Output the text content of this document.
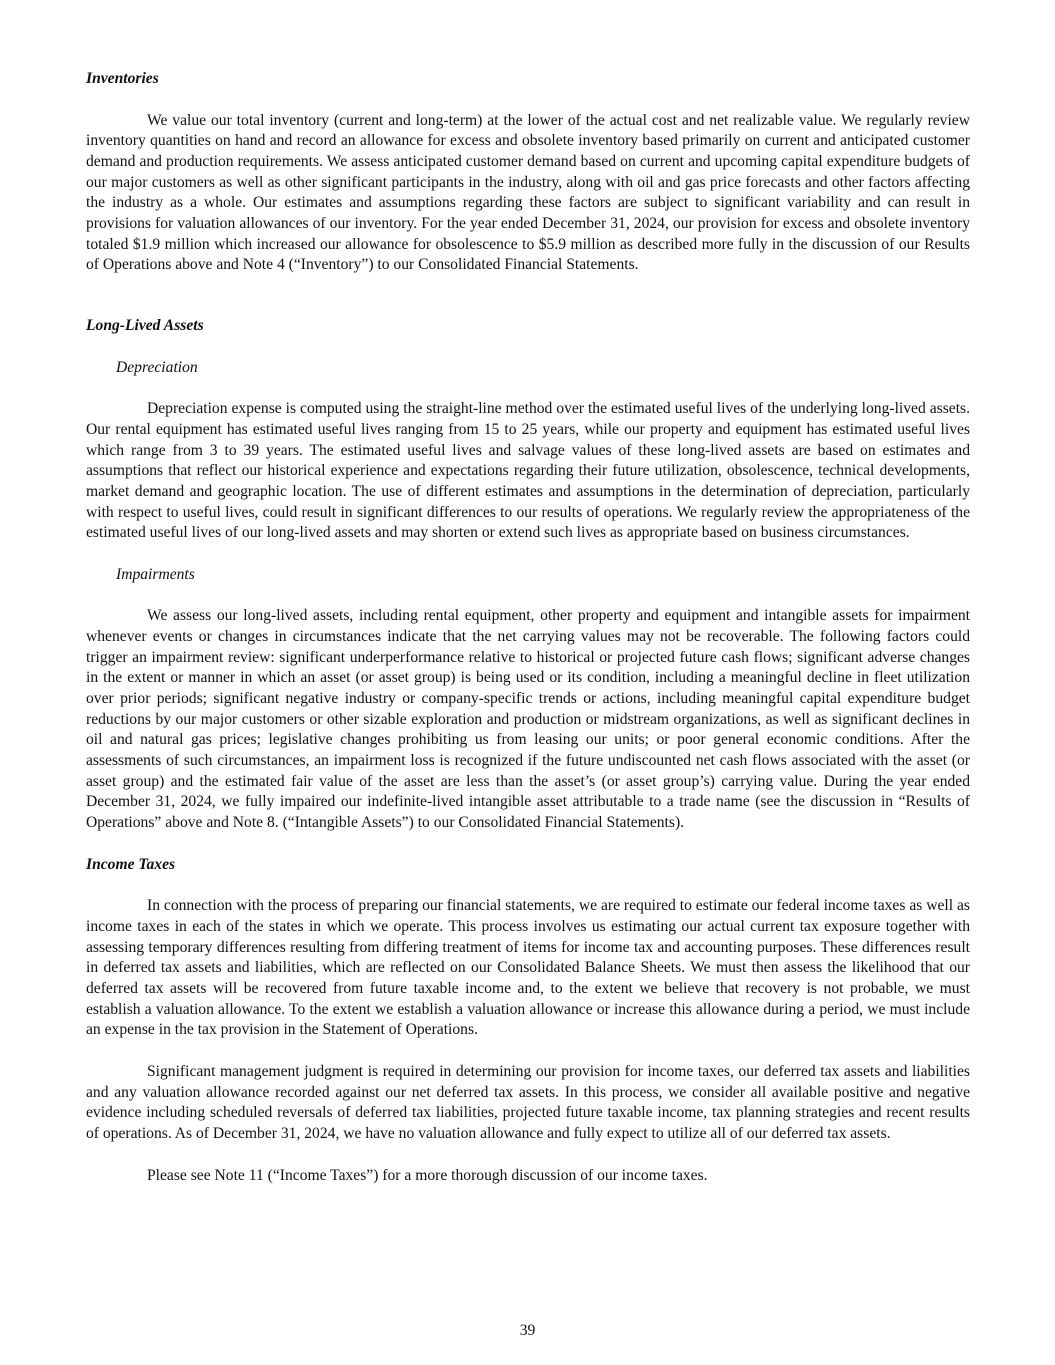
Inventories

We value our total inventory (current and long-term) at the lower of the actual cost and net realizable value. We regularly review inventory quantities on hand and record an allowance for excess and obsolete inventory based primarily on current and anticipated customer demand and production requirements. We assess anticipated customer demand based on current and upcoming capital expenditure budgets of our major customers as well as other significant participants in the industry, along with oil and gas price forecasts and other factors affecting the industry as a whole. Our estimates and assumptions regarding these factors are subject to significant variability and can result in provisions for valuation allowances of our inventory. For the year ended December 31, 2024, our provision for excess and obsolete inventory totaled $1.9 million which increased our allowance for obsolescence to $5.9 million as described more fully in the discussion of our Results of Operations above and Note 4 (“Inventory”) to our Consolidated Financial Statements.

Long-Lived Assets
Depreciation

Depreciation expense is computed using the straight-line method over the estimated useful lives of the underlying long-lived assets. Our rental equipment has estimated useful lives ranging from 15 to 25 years, while our property and equipment has estimated useful lives which range from 3 to 39 years. The estimated useful lives and salvage values of these long-lived assets are based on estimates and assumptions that reflect our historical experience and expectations regarding their future utilization, obsolescence, technical developments, market demand and geographic location. The use of different estimates and assumptions in the determination of depreciation, particularly with respect to useful lives, could result in significant differences to our results of operations. We regularly review the appropriateness of the estimated useful lives of our long-lived assets and may shorten or extend such lives as appropriate based on business circumstances.

Impairments

We assess our long-lived assets, including rental equipment, other property and equipment and intangible assets for impairment whenever events or changes in circumstances indicate that the net carrying values may not be recoverable. The following factors could trigger an impairment review: significant underperformance relative to historical or projected future cash flows; significant adverse changes in the extent or manner in which an asset (or asset group) is being used or its condition, including a meaningful decline in fleet utilization over prior periods; significant negative industry or company-specific trends or actions, including meaningful capital expenditure budget reductions by our major customers or other sizable exploration and production or midstream organizations, as well as significant declines in oil and natural gas prices; legislative changes prohibiting us from leasing our units; or poor general economic conditions. After the assessments of such circumstances, an impairment loss is recognized if the future undiscounted net cash flows associated with the asset (or asset group) and the estimated fair value of the asset are less than the asset’s (or asset group’s) carrying value. During the year ended December 31, 2024, we fully impaired our indefinite-lived intangible asset attributable to a trade name (see the discussion in “Results of Operations” above and Note 8. (“Intangible Assets”) to our Consolidated Financial Statements).

Income Taxes

In connection with the process of preparing our financial statements, we are required to estimate our federal income taxes as well as income taxes in each of the states in which we operate. This process involves us estimating our actual current tax exposure together with assessing temporary differences resulting from differing treatment of items for income tax and accounting purposes. These differences result in deferred tax assets and liabilities, which are reflected on our Consolidated Balance Sheets. We must then assess the likelihood that our deferred tax assets will be recovered from future taxable income and, to the extent we believe that recovery is not probable, we must establish a valuation allowance. To the extent we establish a valuation allowance or increase this allowance during a period, we must include an expense in the tax provision in the Statement of Operations.

Significant management judgment is required in determining our provision for income taxes, our deferred tax assets and liabilities and any valuation allowance recorded against our net deferred tax assets. In this process, we consider all available positive and negative evidence including scheduled reversals of deferred tax liabilities, projected future taxable income, tax planning strategies and recent results of operations. As of December 31, 2024, we have no valuation allowance and fully expect to utilize all of our deferred tax assets.

Please see Note 11 (“Income Taxes”) for a more thorough discussion of our income taxes.

39
